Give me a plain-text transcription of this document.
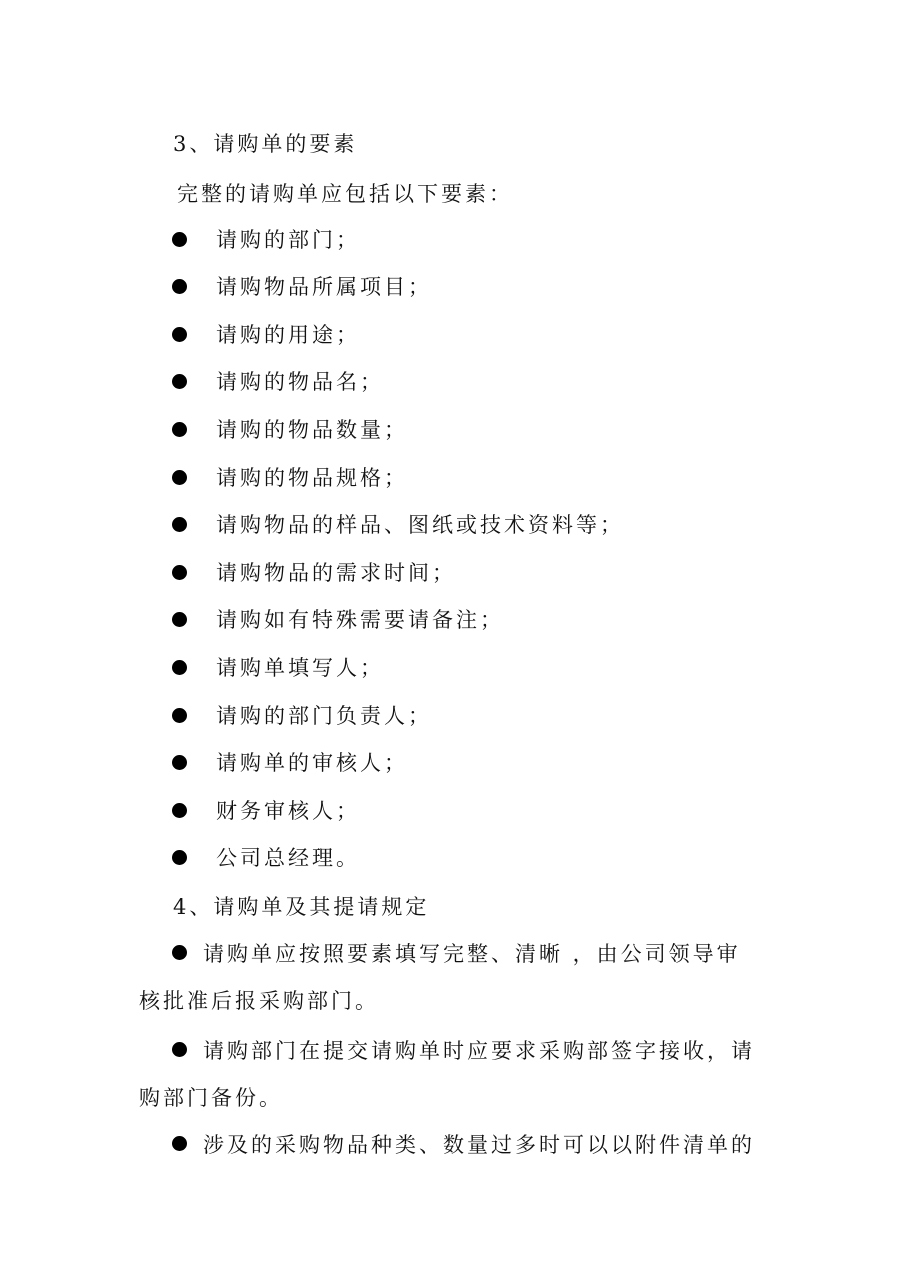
3、请购单的要素
完整的请购单应包括以下要素：
请购的部门；
请购物品所属项目；
请购的用途；
请购的物品名；
请购的物品数量；
请购的物品规格；
请购物品的样品、图纸或技术资料等；
请购物品的需求时间；
请购如有特殊需要请备注；
请购单填写人；
请购的部门负责人；
请购单的审核人；
财务审核人；
公司总经理。
4、请购单及其提请规定
请购单应按照要素填写完整、清晰 ，由公司领导审
核批准后报采购部门。
请购部门在提交请购单时应要求采购部签字接收，请
购部门备份。
涉及的采购物品种类、数量过多时可以以附件清单的
